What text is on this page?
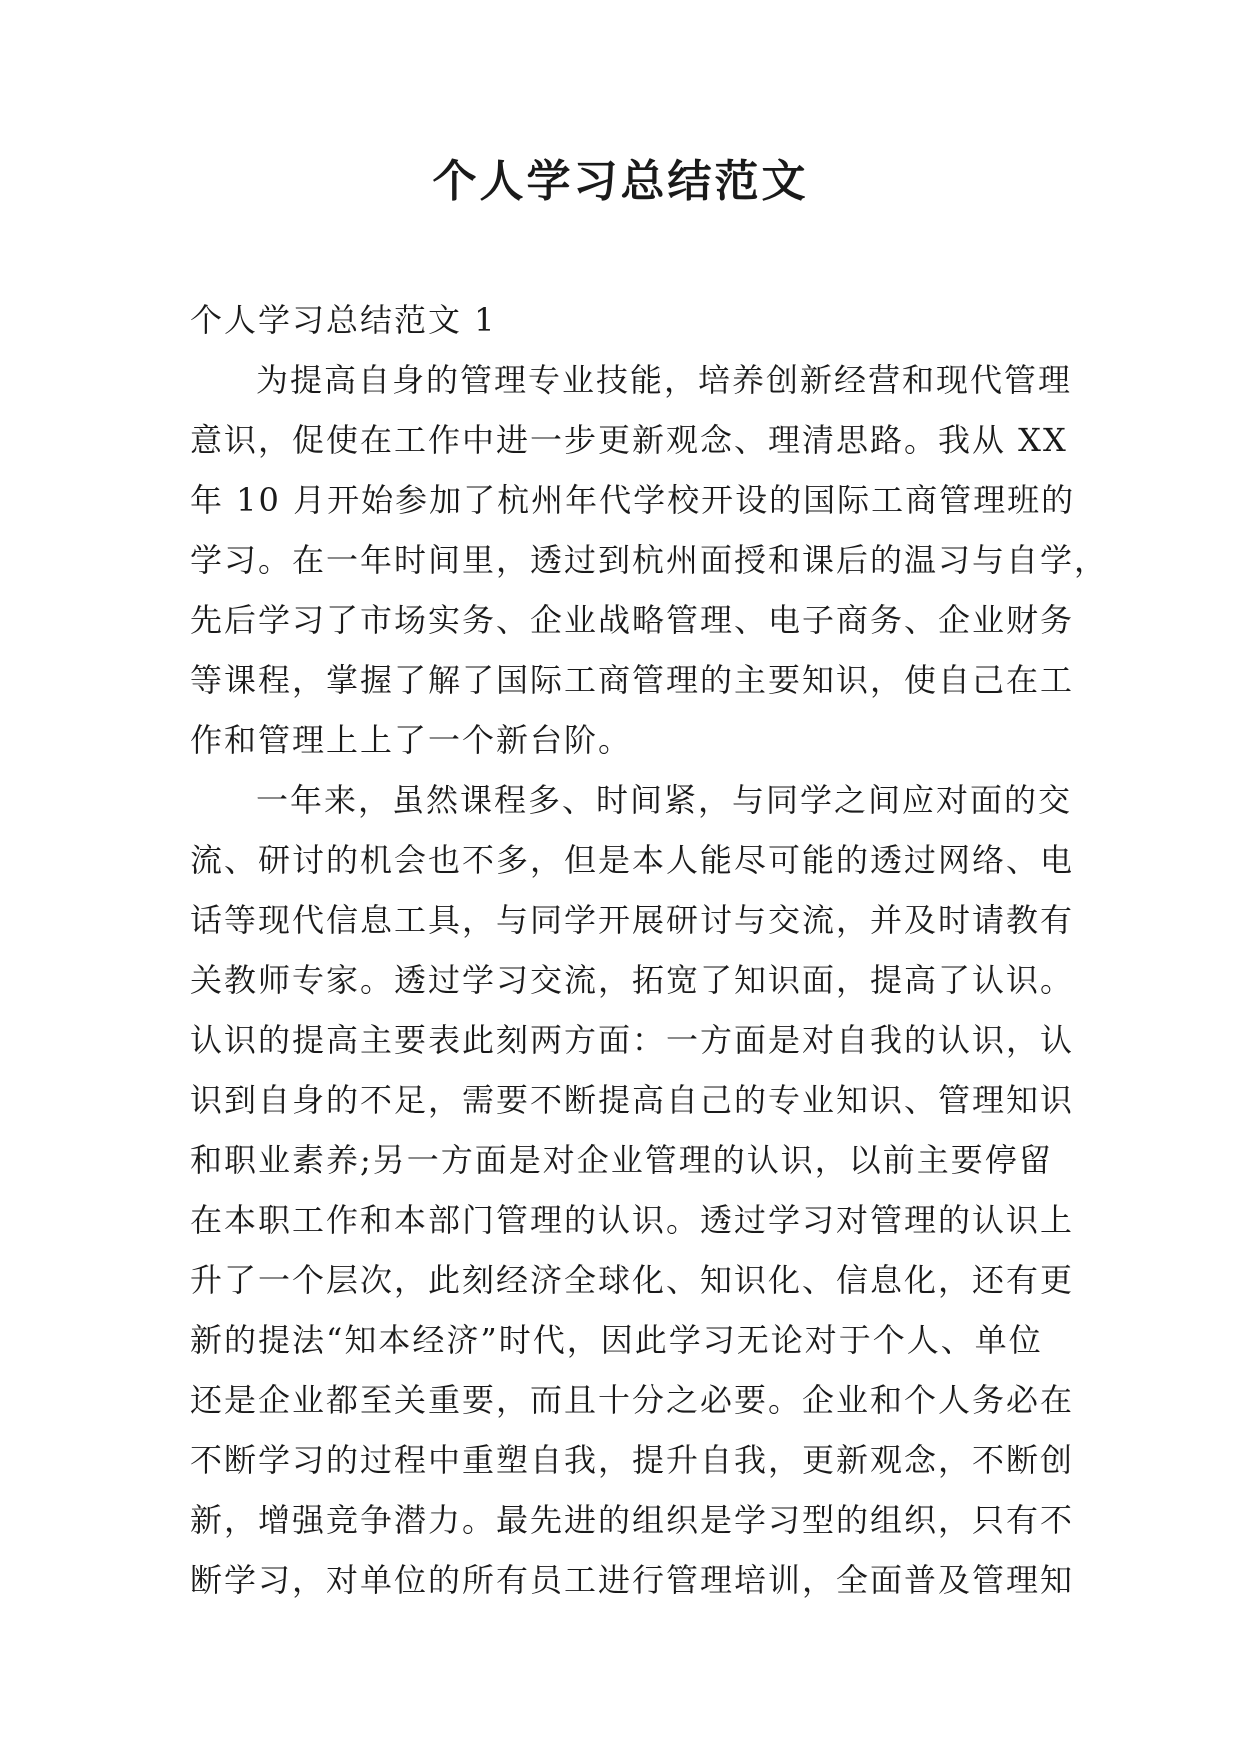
个人学习总结范文
个人学习总结范文 1
为提高自身的管理专业技能，培养创新经营和现代管理
意识，促使在工作中进一步更新观念、理清思路。我从 XX
年 10 月开始参加了杭州年代学校开设的国际工商管理班的
学习。在一年时间里，透过到杭州面授和课后的温习与自学，
先后学习了市场实务、企业战略管理、电子商务、企业财务
等课程，掌握了解了国际工商管理的主要知识，使自己在工
作和管理上上了一个新台阶。
一年来，虽然课程多、时间紧，与同学之间应对面的交
流、研讨的机会也不多，但是本人能尽可能的透过网络、电
话等现代信息工具，与同学开展研讨与交流，并及时请教有
关教师专家。透过学习交流，拓宽了知识面，提高了认识。
认识的提高主要表此刻两方面：一方面是对自我的认识，认
识到自身的不足，需要不断提高自己的专业知识、管理知识
和职业素养;另一方面是对企业管理的认识，以前主要停留
在本职工作和本部门管理的认识。透过学习对管理的认识上
升了一个层次，此刻经济全球化、知识化、信息化，还有更
新的提法“知本经济”时代，因此学习无论对于个人、单位
还是企业都至关重要，而且十分之必要。企业和个人务必在
不断学习的过程中重塑自我，提升自我，更新观念，不断创
新，增强竞争潜力。最先进的组织是学习型的组织，只有不
断学习，对单位的所有员工进行管理培训，全面普及管理知
